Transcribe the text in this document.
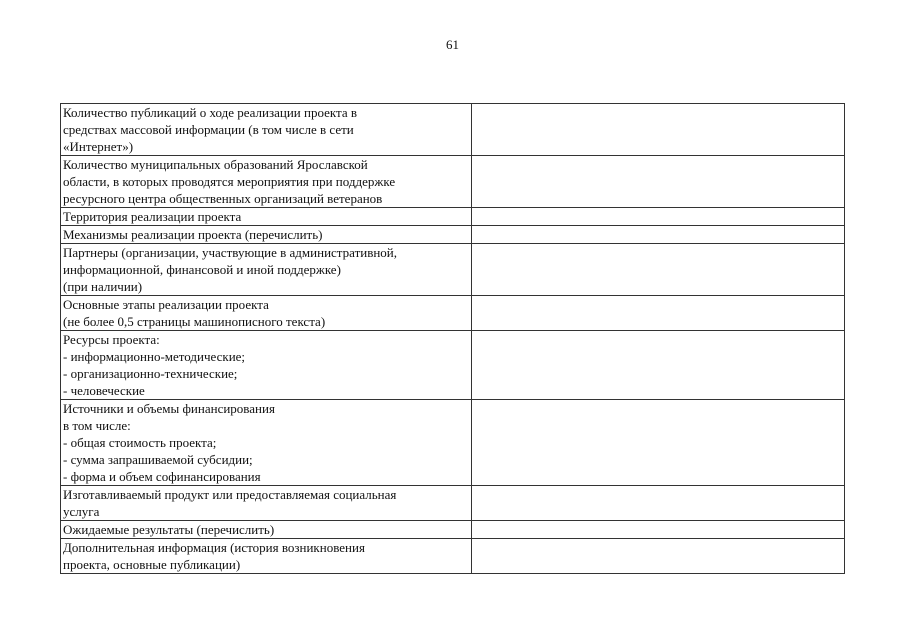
61
Количество публикаций о ходе реализации проекта в
средствах массовой информации (в том числе в сети
«Интернет»)	

Количество муниципальных образований Ярославской
области, в которых проводятся мероприятия при поддержке
ресурсного центра общественных организаций ветеранов	

Территория реализации проекта	

Механизмы реализации проекта (перечислить)	

Партнеры (организации, участвующие в административной,
информационной, финансовой и иной поддержке)
(при наличии)	

Основные этапы реализации проекта
(не более 0,5 страницы машинописного текста)	

Ресурсы проекта:
- информационно-методические;
- организационно-технические;
- человеческие	

Источники и объемы финансирования
в том числе:
- общая стоимость проекта;
- сумма запрашиваемой субсидии;
- форма и объем софинансирования	

Изготавливаемый продукт или предоставляемая социальная
услуга	

Ожидаемые результаты (перечислить)	

Дополнительная информация (история возникновения
проекта, основные публикации)	
